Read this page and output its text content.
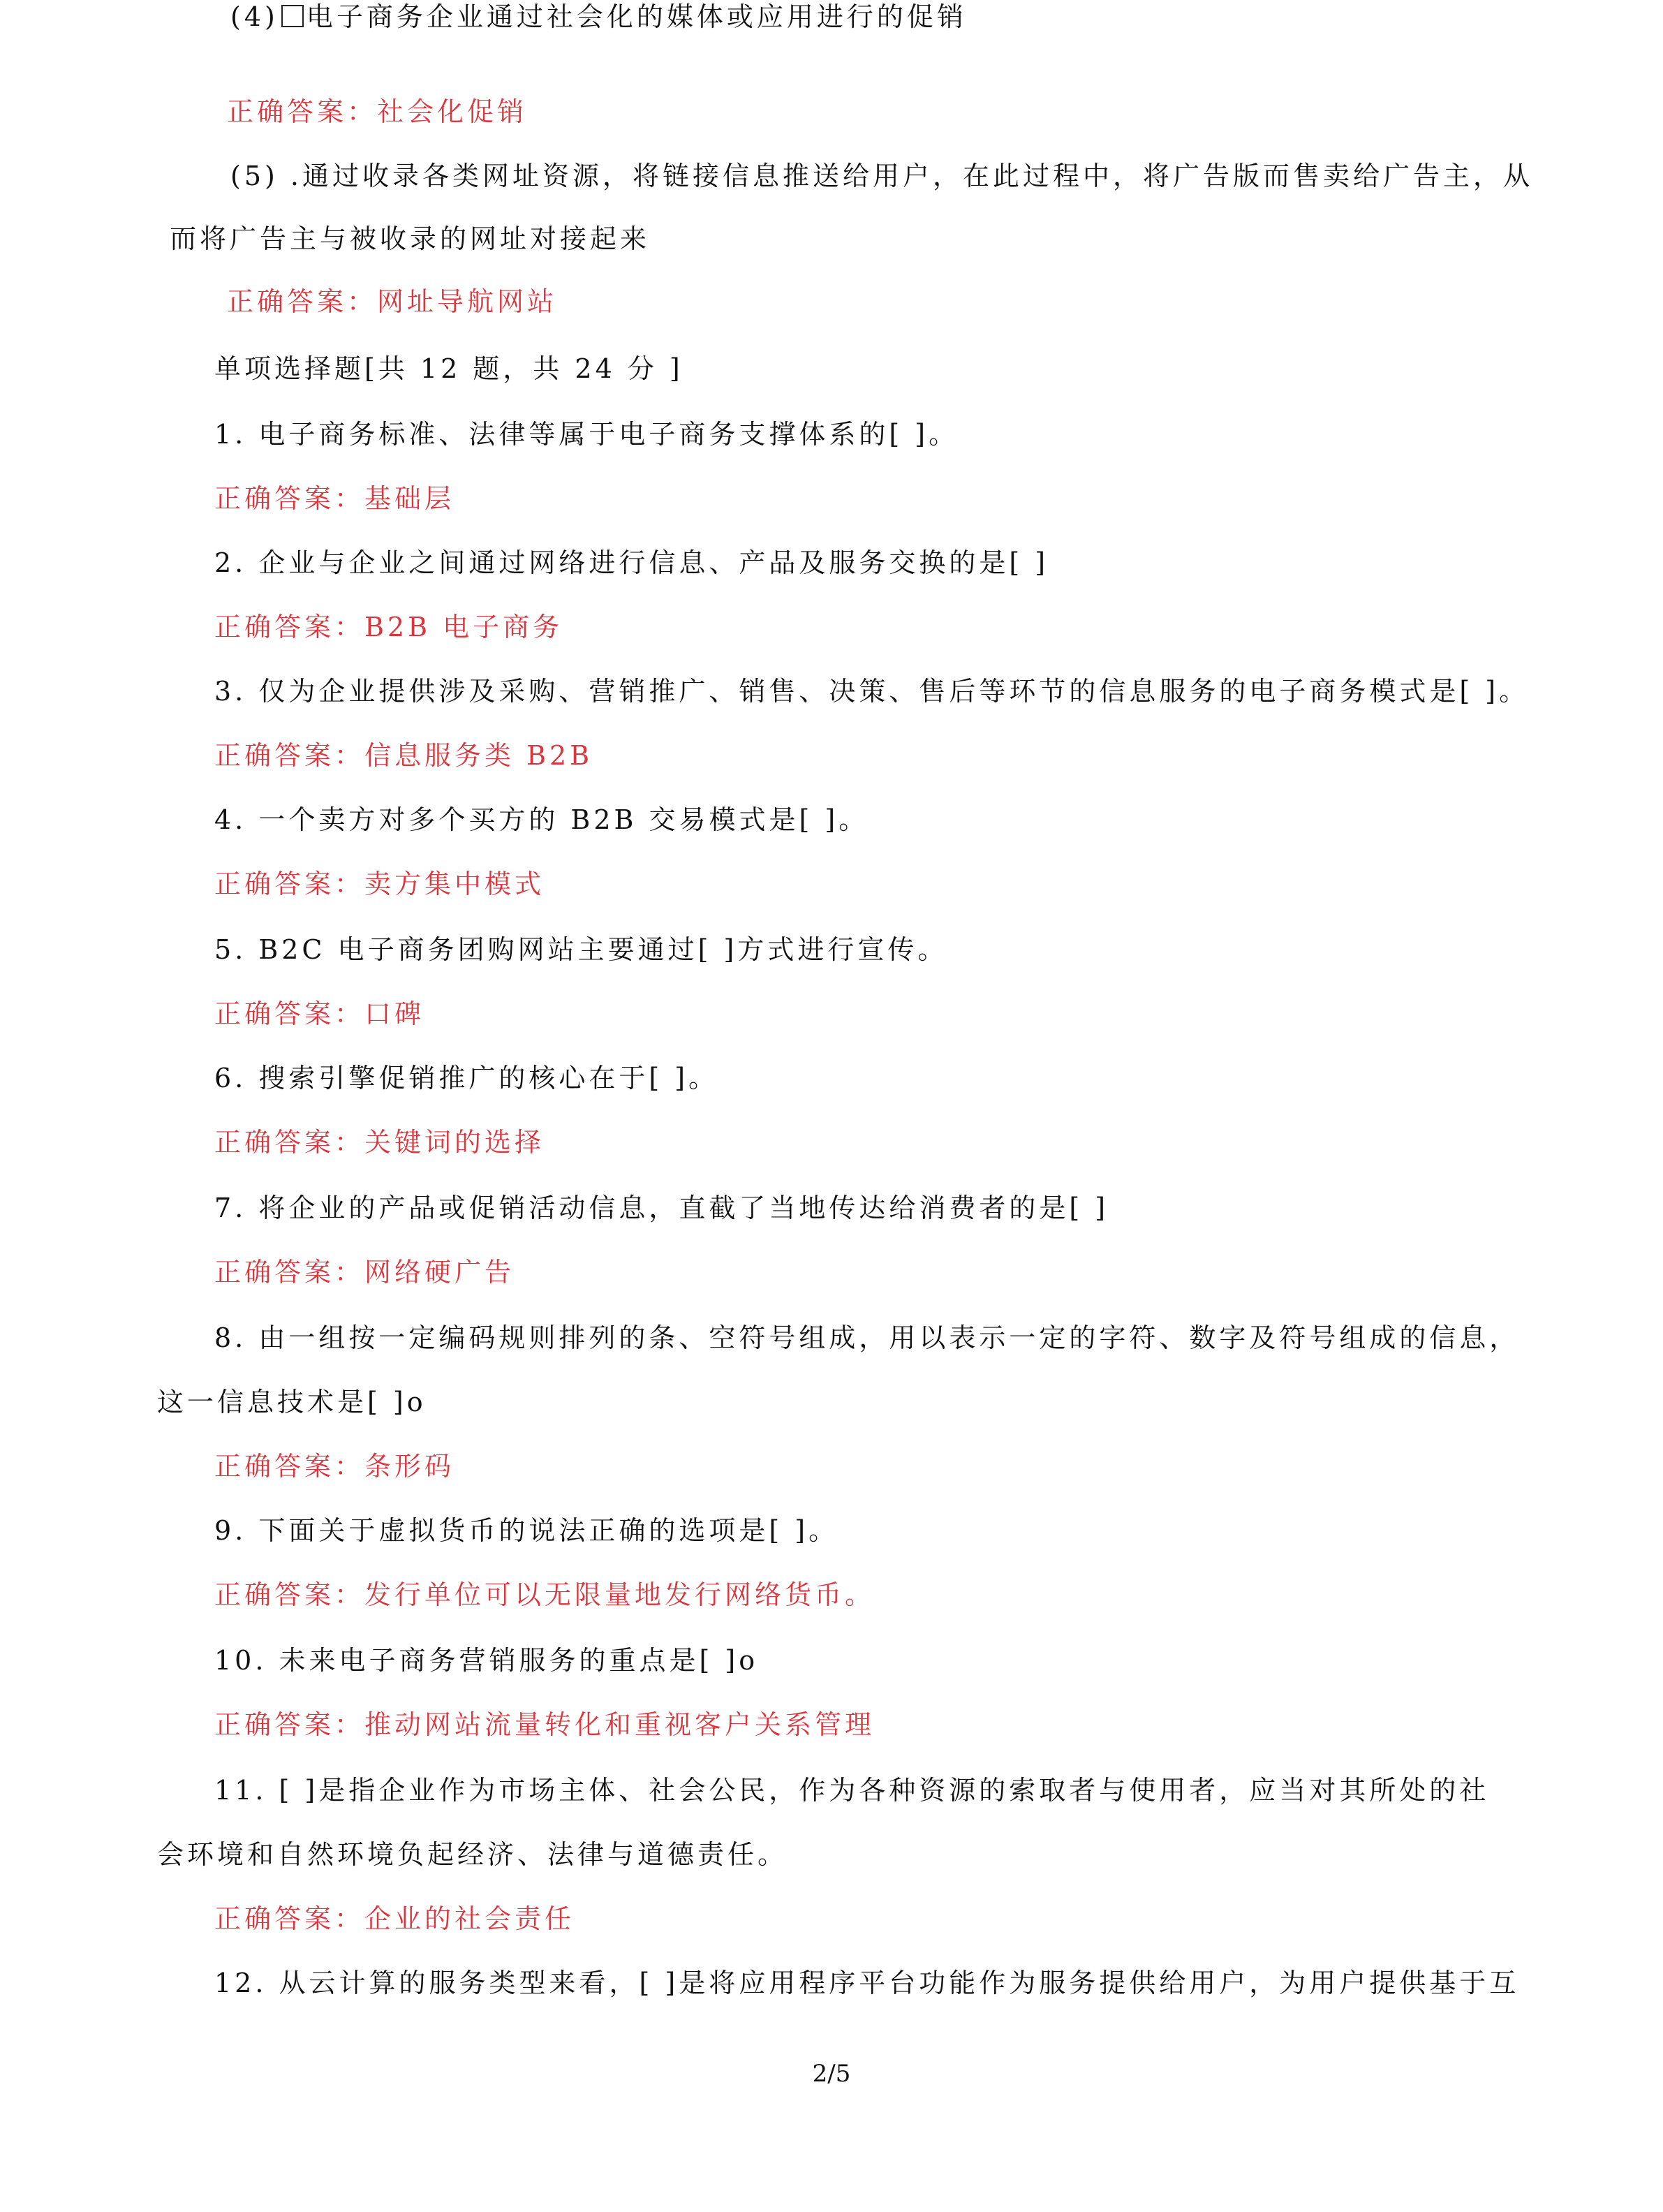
(4) 电子商务企业通过社会化的媒体或应用进行的促销
正确答案：社会化促销
(5) .通过收录各类网址资源，将链接信息推送给用户，在此过程中，将广告版而售卖给广告主，从
而将广告主与被收录的网址对接起来
正确答案：网址导航网站
单项选择题[共 12 题，共 24 分 ]
1. 电子商务标准、法律等属于电子商务支撑体系的[ ]。
正确答案：基础层
2. 企业与企业之间通过网络进行信息、产品及服务交换的是[ ]
正确答案：B2B 电子商务
3. 仅为企业提供涉及采购、营销推广、销售、决策、售后等环节的信息服务的电子商务模式是[ ]。
正确答案：信息服务类 B2B
4. 一个卖方对多个买方的 B2B 交易模式是[ ]。
正确答案：卖方集中模式
5. B2C 电子商务团购网站主要通过[ ]方式进行宣传。
正确答案：口碑
6. 搜索引擎促销推广的核心在于[ ]。
正确答案：关键词的选择
7. 将企业的产品或促销活动信息，直截了当地传达给消费者的是[ ]
正确答案：网络硬广告
8. 由一组按一定编码规则排列的条、空符号组成，用以表示一定的字符、数字及符号组成的信息，
这一信息技术是[ ]o
正确答案：条形码
9. 下面关于虚拟货币的说法正确的选项是[ ]。
正确答案：发行单位可以无限量地发行网络货币。
10. 未来电子商务营销服务的重点是[ ]o
正确答案：推动网站流量转化和重视客户关系管理
11. [ ]是指企业作为市场主体、社会公民，作为各种资源的索取者与使用者，应当对其所处的社
会环境和自然环境负起经济、法律与道德责任。
正确答案：企业的社会责任
12. 从云计算的服务类型来看，[ ]是将应用程序平台功能作为服务提供给用户，为用户提供基于互
2/5
